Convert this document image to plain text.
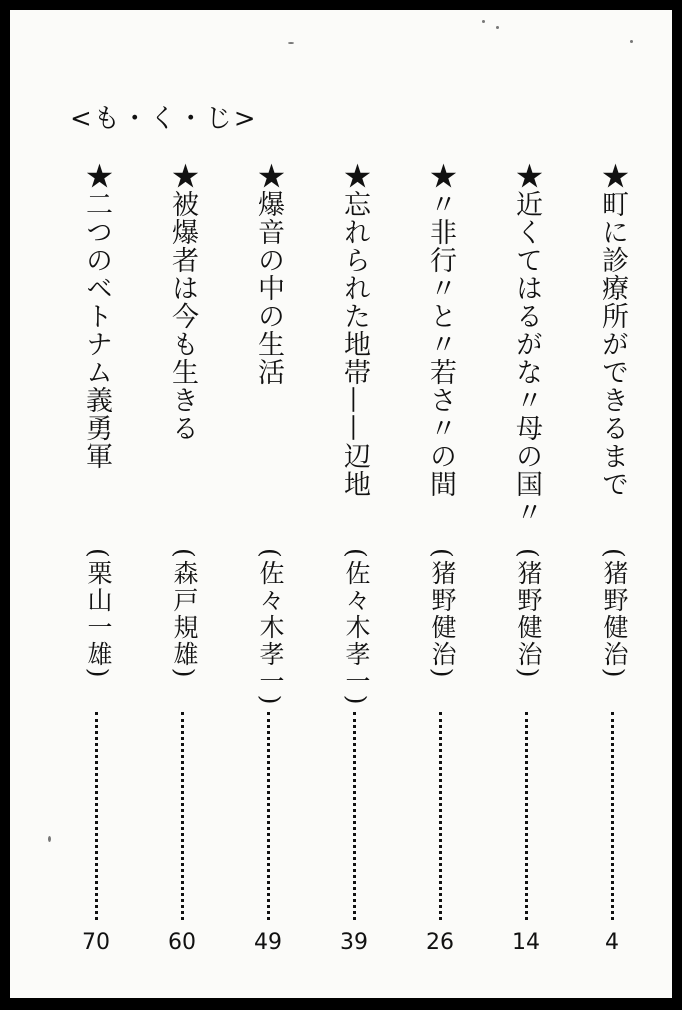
<も・く・じ>
★町に診療所ができるまで
(猪野健治)
4
★近くてはるがな〃母の国〃
(猪野健治)
14
★〃非行〃と〃若さ〃の間
(猪野健治)
26
★忘れられた地帯——辺地
(佐々木孝一)
39
★爆音の中の生活
(佐々木孝一)
49
★被爆者は今も生きる
(森戸規雄)
60
★二つのベトナム義勇軍
(栗山一雄)
70
